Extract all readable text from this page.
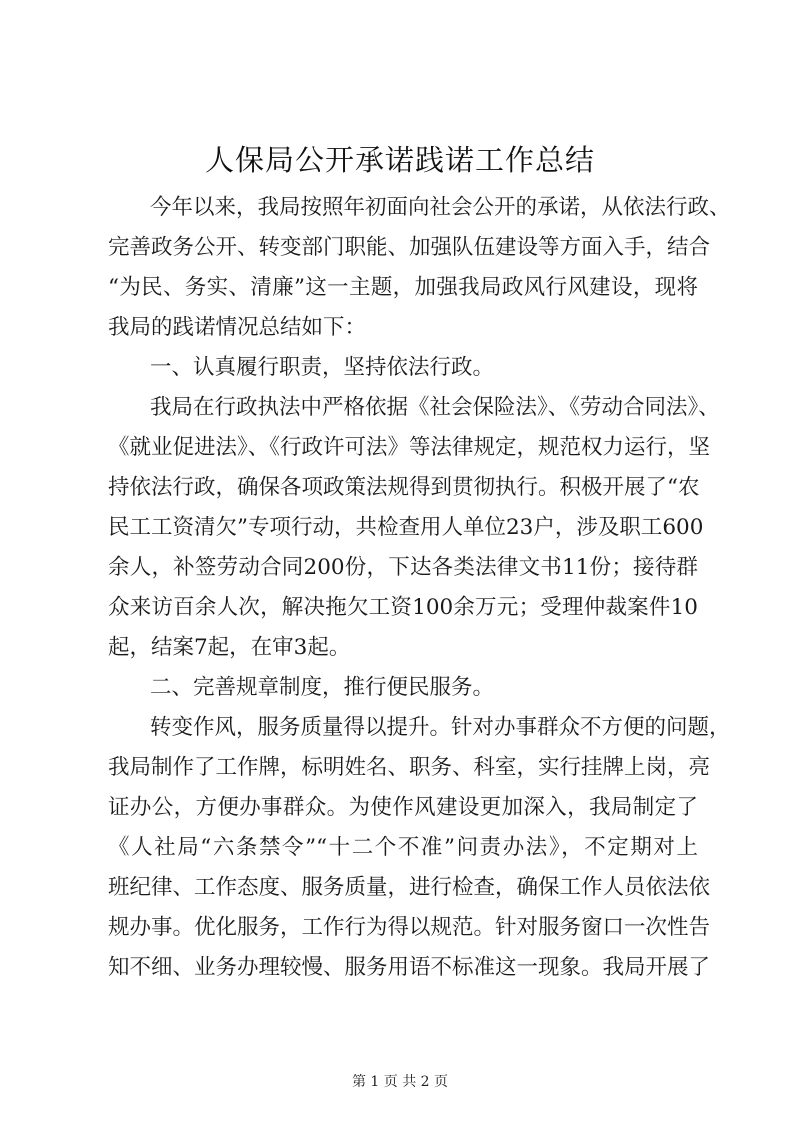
人保局公开承诺践诺工作总结
今年以来，我局按照年初面向社会公开的承诺，从依法行政、
完善政务公开、转变部门职能、加强队伍建设等方面入手，结合
“为民、务实、清廉”这一主题，加强我局政风行风建设，现将
我局的践诺情况总结如下：
一、认真履行职责，坚持依法行政。
我局在行政执法中严格依据《社会保险法》、《劳动合同法》、
《就业促进法》、《行政许可法》等法律规定，规范权力运行，坚
持依法行政，确保各项政策法规得到贯彻执行。积极开展了“农
民工工资清欠”专项行动，共检查用人单位23户，涉及职工600
余人，补签劳动合同200份，下达各类法律文书11份；接待群
众来访百余人次，解决拖欠工资100余万元；受理仲裁案件10
起，结案7起，在审3起。
二、完善规章制度，推行便民服务。
转变作风，服务质量得以提升。针对办事群众不方便的问题，
我局制作了工作牌，标明姓名、职务、科室，实行挂牌上岗，亮
证办公，方便办事群众。为使作风建设更加深入，我局制定了
《人社局“六条禁令”“十二个不准”问责办法》，不定期对上
班纪律、工作态度、服务质量，进行检查，确保工作人员依法依
规办事。优化服务，工作行为得以规范。针对服务窗口一次性告
知不细、业务办理较慢、服务用语不标准这一现象。我局开展了
第 1 页 共 2 页
